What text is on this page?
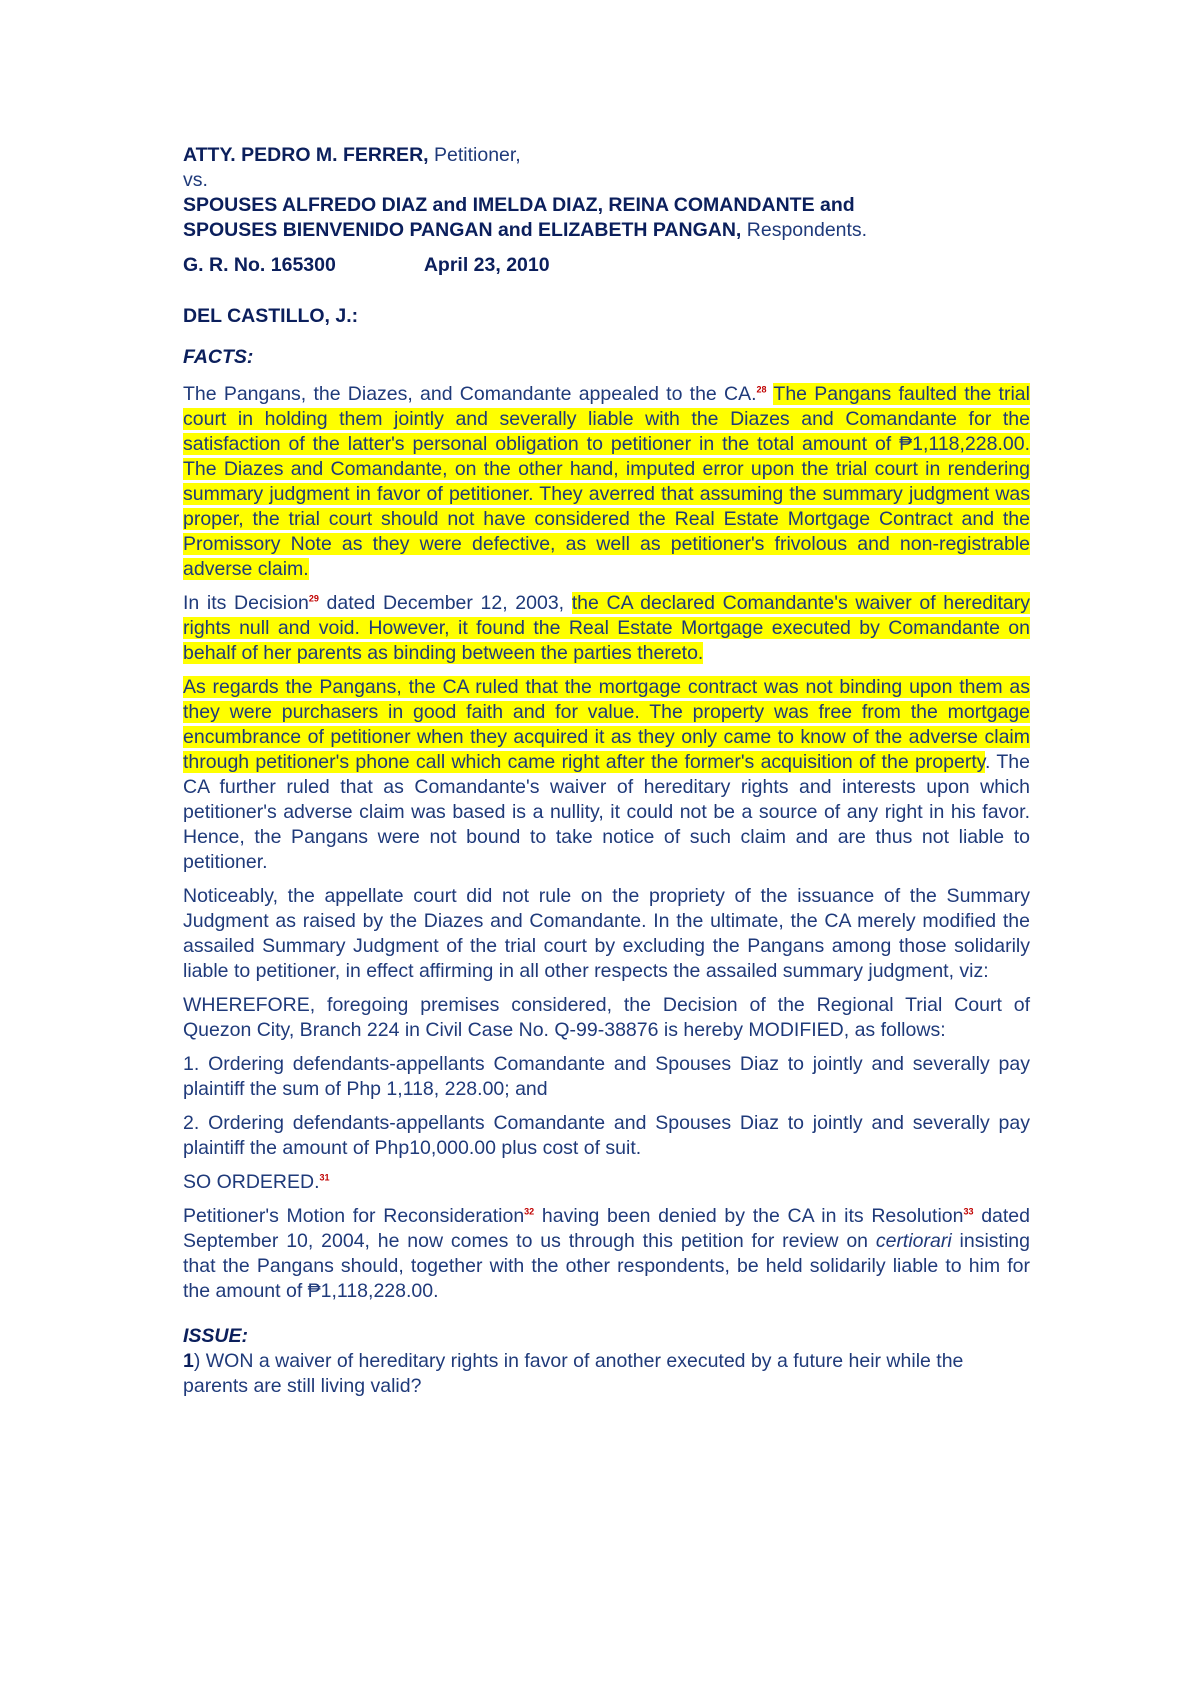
ATTY. PEDRO M. FERRER, Petitioner,
vs.
SPOUSES ALFREDO DIAZ and IMELDA DIAZ, REINA COMANDANTE and
SPOUSES BIENVENIDO PANGAN and ELIZABETH PANGAN, Respondents.
G. R. No. 165300	April 23, 2010
DEL CASTILLO, J.:
FACTS:

The Pangans, the Diazes, and Comandante appealed to the CA.$^{28}$ The Pangans faulted the trial court in holding them jointly and severally liable with the Diazes and Comandante for the satisfaction of the latter's personal obligation to petitioner in the total amount of ₱1,118,228.00. The Diazes and Comandante, on the other hand, imputed error upon the trial court in rendering summary judgment in favor of petitioner. They averred that assuming the summary judgment was proper, the trial court should not have considered the Real Estate Mortgage Contract and the Promissory Note as they were defective, as well as petitioner's frivolous and non-registrable adverse claim.

In its Decision$^{29}$ dated December 12, 2003, the CA declared Comandante's waiver of hereditary rights null and void. However, it found the Real Estate Mortgage executed by Comandante on behalf of her parents as binding between the parties thereto.

As regards the Pangans, the CA ruled that the mortgage contract was not binding upon them as they were purchasers in good faith and for value. The property was free from the mortgage encumbrance of petitioner when they acquired it as they only came to know of the adverse claim through petitioner's phone call which came right after the former's acquisition of the property. The CA further ruled that as Comandante's waiver of hereditary rights and interests upon which petitioner's adverse claim was based is a nullity, it could not be a source of any right in his favor. Hence, the Pangans were not bound to take notice of such claim and are thus not liable to petitioner.

Noticeably, the appellate court did not rule on the propriety of the issuance of the Summary Judgment as raised by the Diazes and Comandante. In the ultimate, the CA merely modified the assailed Summary Judgment of the trial court by excluding the Pangans among those solidarily liable to petitioner, in effect affirming in all other respects the assailed summary judgment, viz:

WHEREFORE, foregoing premises considered, the Decision of the Regional Trial Court of Quezon City, Branch 224 in Civil Case No. Q-99-38876 is hereby MODIFIED, as follows:

1. Ordering defendants-appellants Comandante and Spouses Diaz to jointly and severally pay plaintiff the sum of Php 1,118, 228.00; and

2. Ordering defendants-appellants Comandante and Spouses Diaz to jointly and severally pay plaintiff the amount of Php10,000.00 plus cost of suit.

SO ORDERED.$^{31}$

Petitioner's Motion for Reconsideration$^{32}$ having been denied by the CA in its Resolution$^{33}$ dated September 10, 2004, he now comes to us through this petition for review on certiorari insisting that the Pangans should, together with the other respondents, be held solidarily liable to him for the amount of ₱1,118,228.00.

ISSUE:
1) WON a waiver of hereditary rights in favor of another executed by a future heir while the parents are still living valid?
